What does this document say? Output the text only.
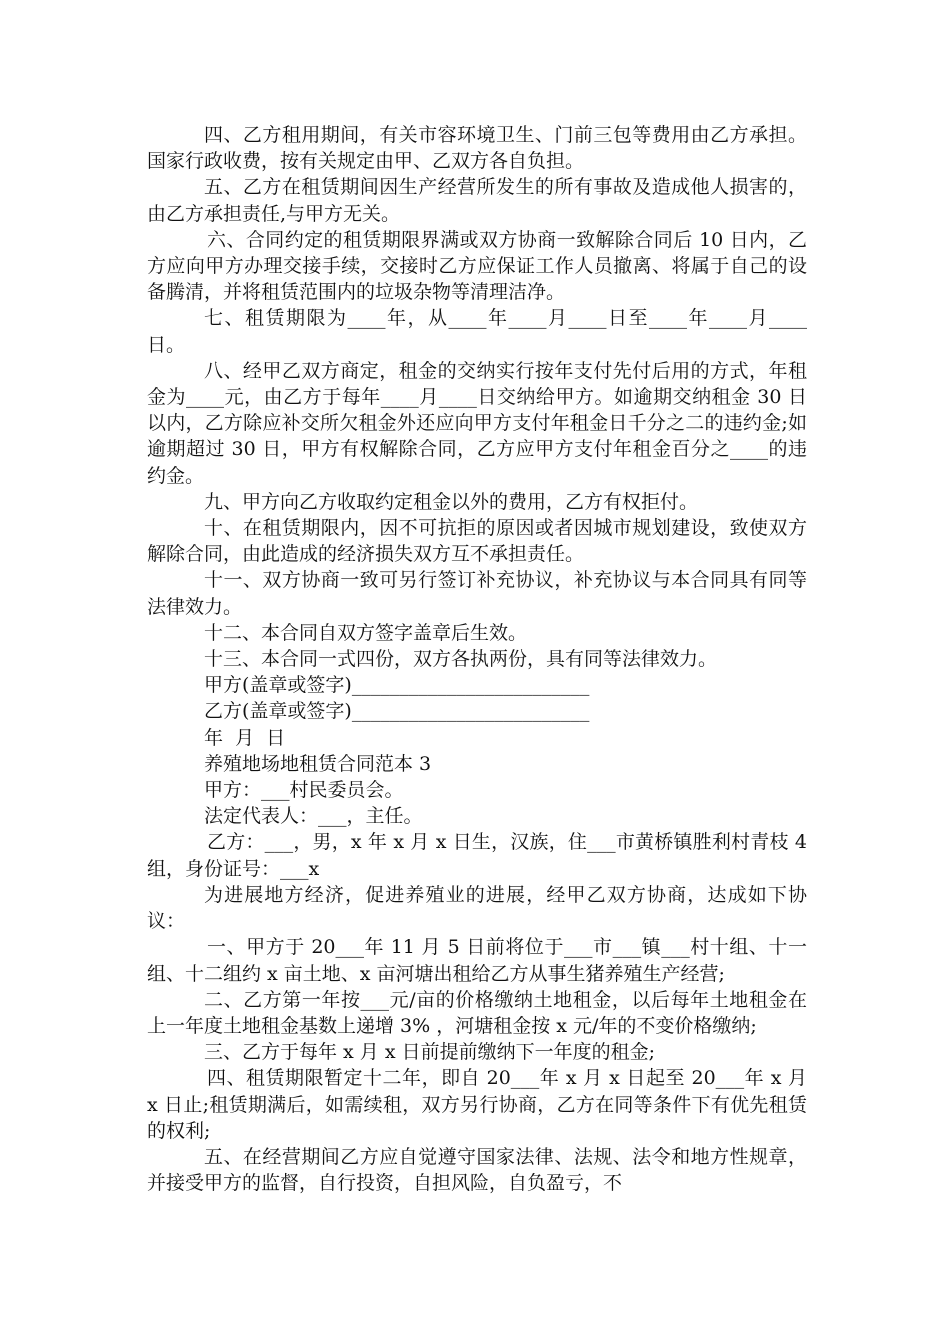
四、乙方租用期间，有关市容环境卫生、门前三包等费用由乙方承担。国家行政收费，按有关规定由甲、乙双方各自负担。

五、乙方在租赁期间因生产经营所发生的所有事故及造成他人损害的，由乙方承担责任,与甲方无关。

六、合同约定的租赁期限界满或双方协商一致解除合同后 10 日内，乙方应向甲方办理交接手续，交接时乙方应保证工作人员撤离、将属于自己的设备腾清，并将租赁范围内的垃圾杂物等清理洁净。

七、租赁期限为____年，从____年____月____日至____年____月____日。

八、经甲乙双方商定，租金的交纳实行按年支付先付后用的方式，年租金为____元，由乙方于每年____月____日交纳给甲方。如逾期交纳租金 30 日以内，乙方除应补交所欠租金外还应向甲方支付年租金日千分之二的违约金;如逾期超过 30 日，甲方有权解除合同，乙方应甲方支付年租金百分之____的违约金。

九、甲方向乙方收取约定租金以外的费用，乙方有权拒付。

十、在租赁期限内，因不可抗拒的原因或者因城市规划建设，致使双方解除合同，由此造成的经济损失双方互不承担责任。

十一、双方协商一致可另行签订补充协议，补充协议与本合同具有同等法律效力。

十二、本合同自双方签字盖章后生效。

十三、本合同一式四份，双方各执两份，具有同等法律效力。

甲方(盖章或签字)_________________________

乙方(盖章或签字)_________________________

年  月  日

养殖地场地租赁合同范本 3

甲方：___村民委员会。

法定代表人：___，主任。

乙方：___，男，x 年 x 月 x 日生，汉族，住___市黄桥镇胜利村青枝 4 组，身份证号：___x

为进展地方经济，促进养殖业的进展，经甲乙双方协商，达成如下协议：

一、甲方于 20___年 11 月 5 日前将位于___市___镇___村十组、十一组、十二组约 x 亩土地、x 亩河塘出租给乙方从事生猪养殖生产经营;

二、乙方第一年按___元/亩的价格缴纳土地租金，以后每年土地租金在上一年度土地租金基数上递增 3% ，河塘租金按 x 元/年的不变价格缴纳;

三、乙方于每年 x 月 x 日前提前缴纳下一年度的租金;

四、租赁期限暂定十二年，即自 20___年 x 月 x 日起至 20___年 x 月 x 日止;租赁期满后，如需续租，双方另行协商，乙方在同等条件下有优先租赁的权利;

五、在经营期间乙方应自觉遵守国家法律、法规、法令和地方性规章，并接受甲方的监督，自行投资，自担风险，自负盈亏，不
